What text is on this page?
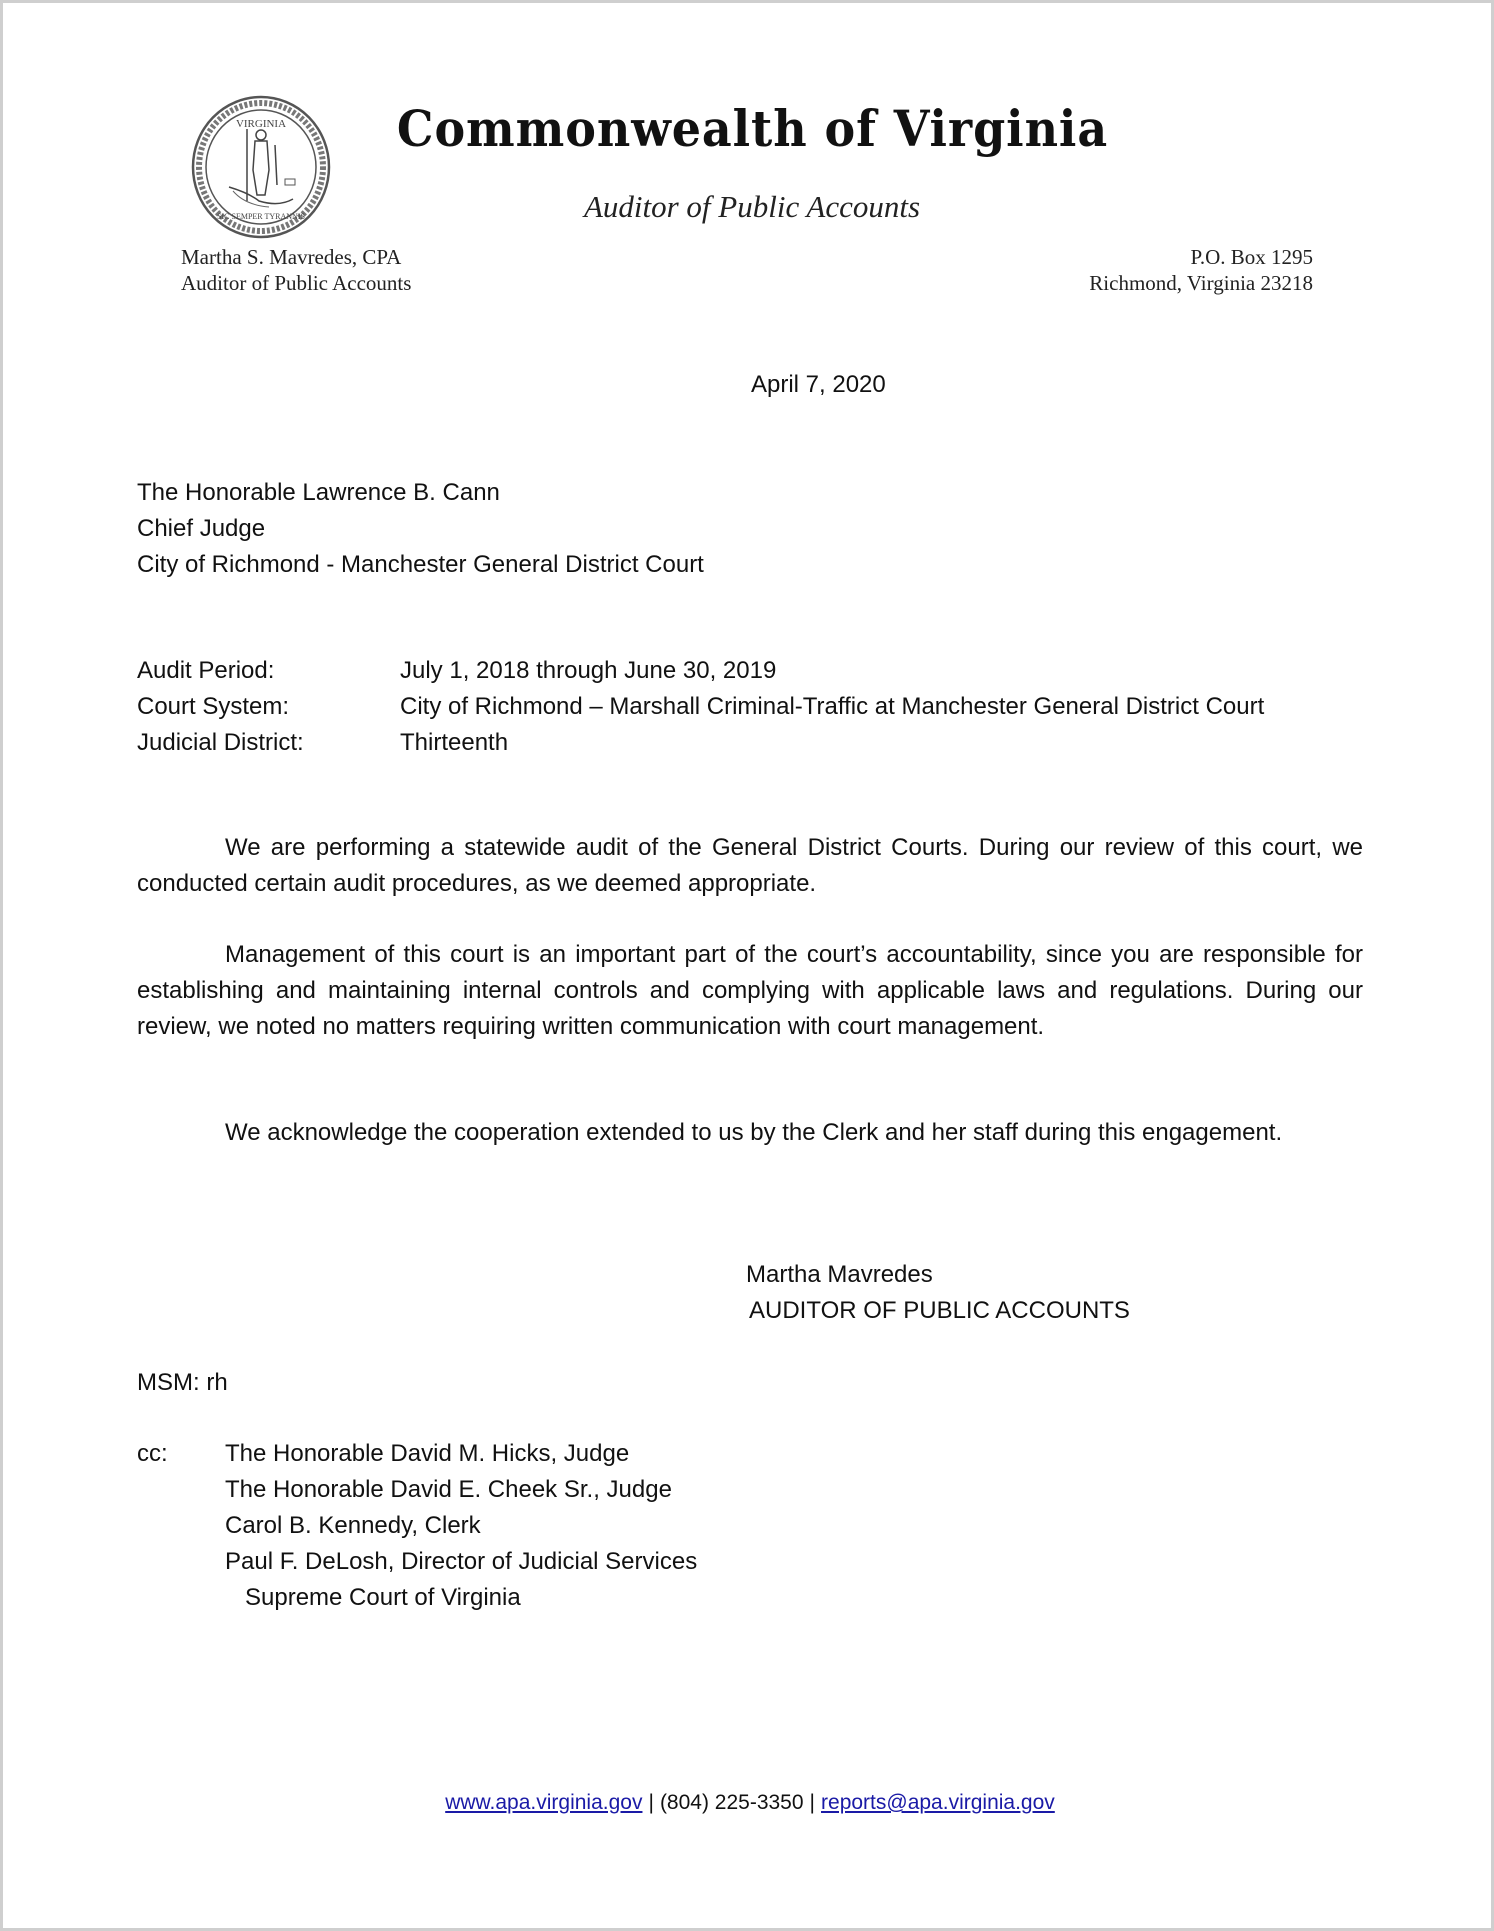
VIRGINIA
SIC SEMPER TYRANNIS
Commonwealth of Virginia
Auditor of Public Accounts
Martha S. Mavredes, CPA
Auditor of Public Accounts
P.O. Box 1295
Richmond, Virginia 23218
April 7, 2020
The Honorable Lawrence B. Cann
Chief Judge
City of Richmond - Manchester General District Court
Audit Period:	July 1, 2018 through June 30, 2019
Court System:	City of Richmond – Marshall Criminal-Traffic at Manchester General District Court
Judicial District:	Thirteenth
We are performing a statewide audit of the General District Courts. During our review of this court, we conducted certain audit procedures, as we deemed appropriate.
Management of this court is an important part of the court’s accountability, since you are responsible for establishing and maintaining internal controls and complying with applicable laws and regulations. During our review, we noted no matters requiring written communication with court management.
We acknowledge the cooperation extended to us by the Clerk and her staff during this engagement.
Martha Mavredes
AUDITOR OF PUBLIC ACCOUNTS
MSM: rh
cc:	The Honorable David M. Hicks, Judge
The Honorable David E. Cheek Sr., Judge
Carol B. Kennedy, Clerk
Paul F. DeLosh, Director of Judicial Services
Supreme Court of Virginia
www.apa.virginia.gov | (804) 225-3350 | reports@apa.virginia.gov
